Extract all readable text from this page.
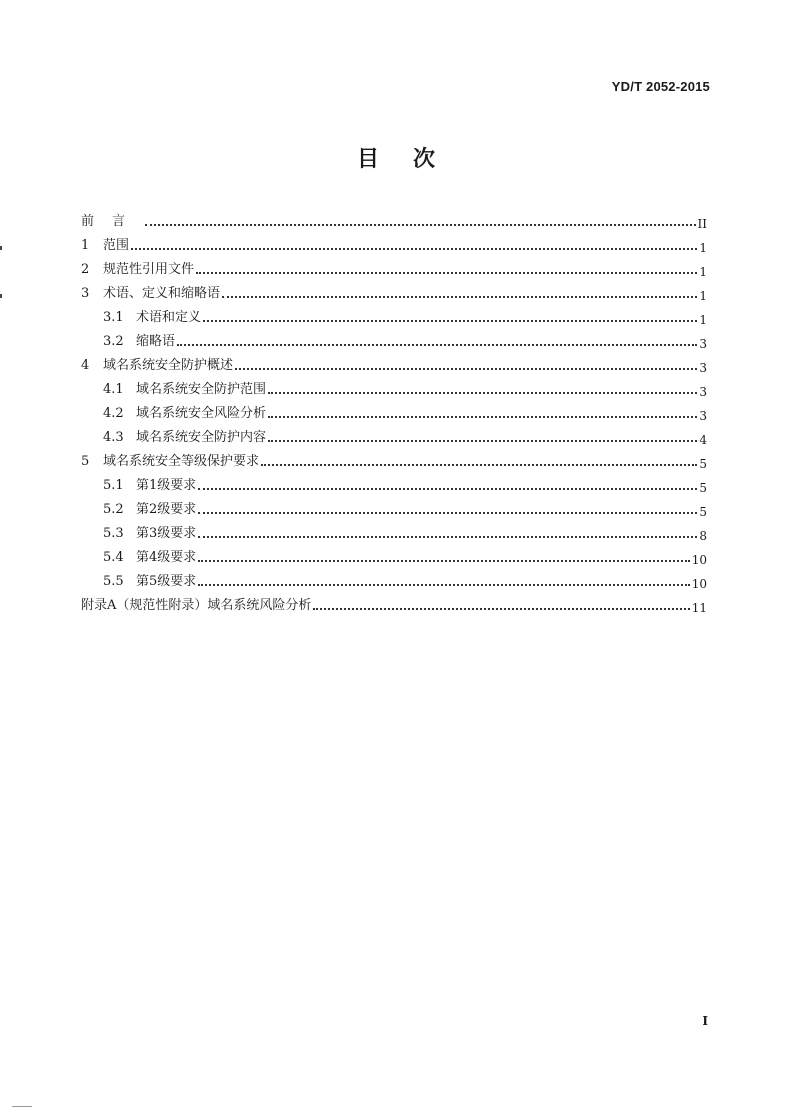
YD/T 2052-2015
目次
前言	II
1	范围	1
2	规范性引用文件	1
3	术语、定义和缩略语	1
3.1 术语和定义	1
3.2 缩略语	3
4	域名系统安全防护概述	3
4.1 域名系统安全防护范围	3
4.2 域名系统安全风险分析	3
4.3 域名系统安全防护内容	4
5	域名系统安全等级保护要求	5
5.1 第1级要求	5
5.2 第2级要求	5
5.3 第3级要求	8
5.4 第4级要求	10
5.5 第5级要求	10
附录A（规范性附录）域名系统风险分析	11
I
